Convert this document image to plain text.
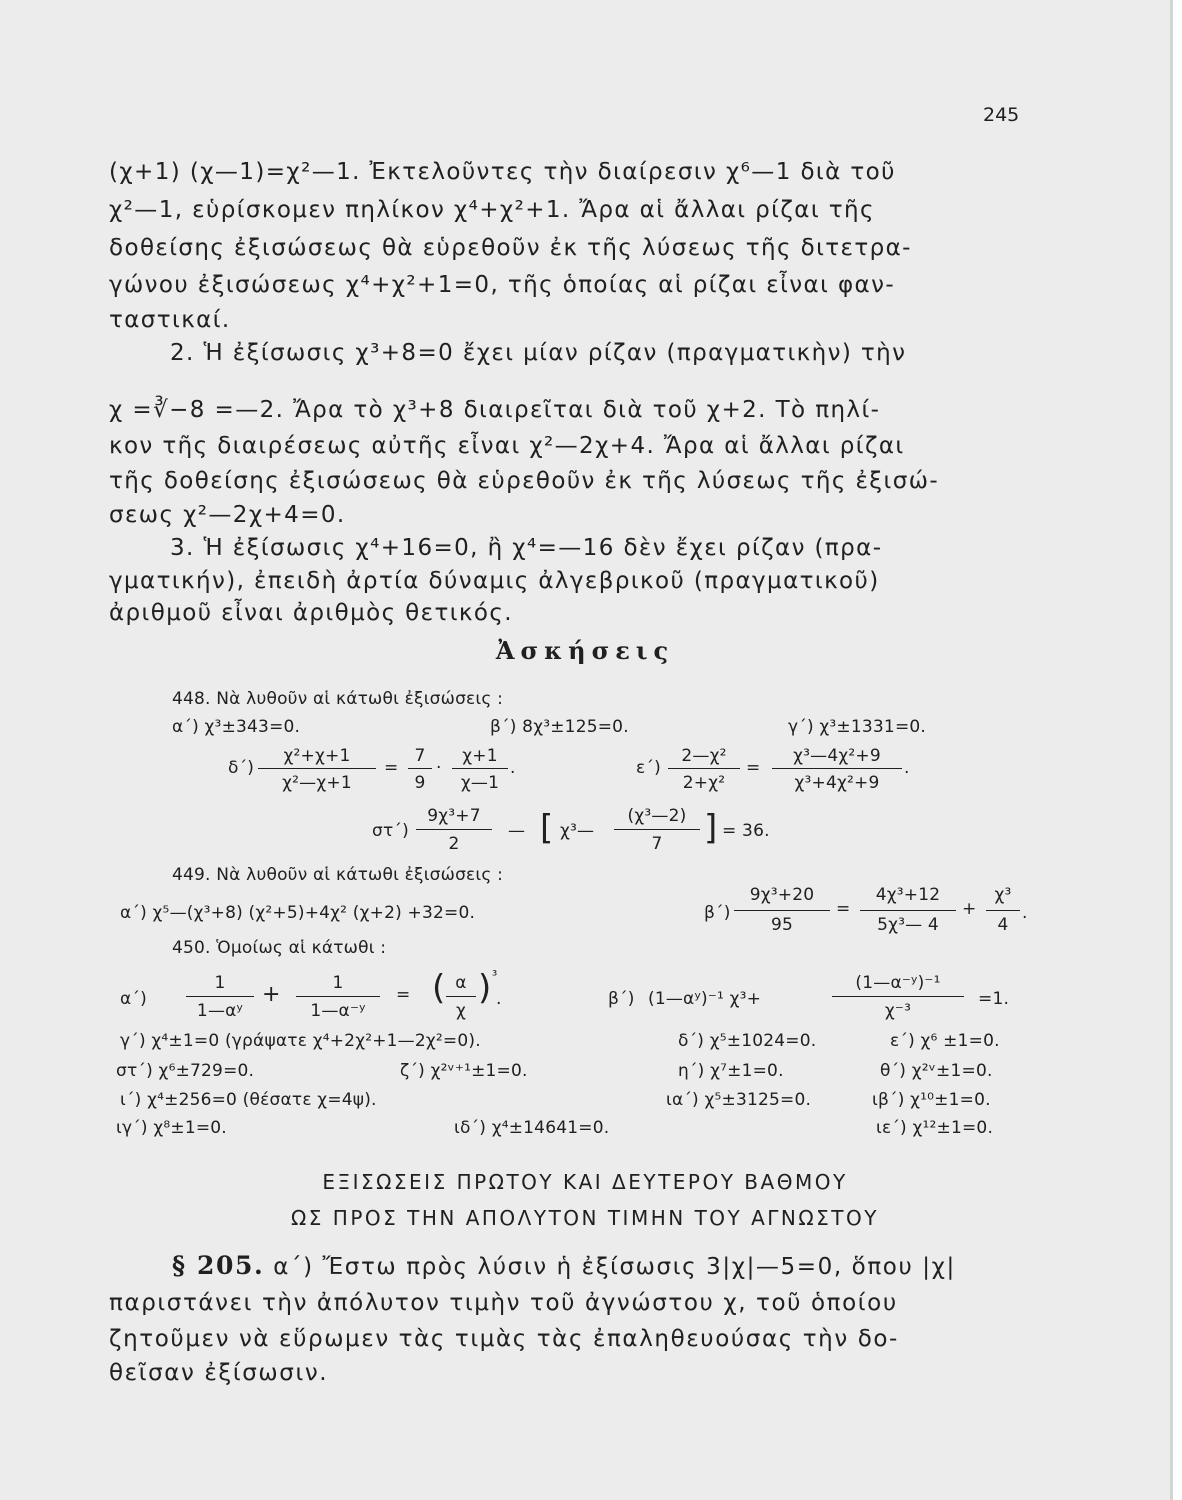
245
(χ+1) (χ—1)=χ²—1. Ἐκτελοῦντες τὴν διαίρεσιν χ⁶—1 διὰ τοῦ
χ²—1, εὑρίσκομεν πηλίκον χ⁴+χ²+1. Ἄρα αἱ ἄλλαι ρίζαι τῆς
δοθείσης ἐξισώσεως θὰ εὑρεθοῦν ἐκ τῆς λύσεως τῆς διτετρα-
γώνου ἐξισώσεως χ⁴+χ²+1=0, τῆς ὁποίας αἱ ρίζαι εἶναι φαν-
ταστικαί.
2. Ἡ ἐξίσωσις χ³+8=0 ἔχει μίαν ρίζαν (πραγματικὴν) τὴν
χ =∛−8 =—2. Ἄρα τὸ χ³+8 διαιρεῖται διὰ τοῦ χ+2. Τὸ πηλί-
κον τῆς διαιρέσεως αὐτῆς εἶναι χ²—2χ+4. Ἄρα αἱ ἄλλαι ρίζαι
τῆς δοθείσης ἐξισώσεως θὰ εὑρεθοῦν ἐκ τῆς λύσεως τῆς ἐξισώ-
σεως χ²—2χ+4=0.
3. Ἡ ἐξίσωσις χ⁴+16=0, ἢ χ⁴=—16 δὲν ἔχει ρίζαν (πρα-
γματικήν), ἐπειδὴ ἀρτία δύναμις ἀλγεβρικοῦ (πραγματικοῦ)
ἀριθμοῦ εἶναι ἀριθμὸς θετικός.
Ἀσκήσεις
448. Νὰ λυθοῦν αἱ κάτωθι ἐξισώσεις :
α΄) χ³±343=0.	β΄) 8χ³±125=0.	γ΄) χ³±1331=0.
δ΄)
χ²+χ+1
χ²—χ+1
=
7
9
·
χ+1
χ—1
.	ε΄)
2—χ²
2+χ²
=
χ³—4χ²+9
χ³+4χ²+9
.
στ΄)
9χ³+7
2
— [ χ³—
(χ³—2)
7	] = 36.
449. Νὰ λυθοῦν αἱ κάτωθι ἐξισώσεις :
α΄) χ⁵—(χ³+8) (χ²+5)+4χ² (χ+2) +32=0.	β΄)
9χ³+20
95
=
4χ³+12
5χ³— 4
+
χ³
4
.
450. Ὁμοίως αἱ κάτωθι :
α΄)
1
1—αʸ
+	1
1—α⁻ʸ
= ( α
χ
) ³
.	β΄) (1—αʸ)⁻¹ χ³+
(1—α⁻ʸ)⁻¹
χ⁻³
=1.
γ΄) χ⁴±1=0 (γράψατε χ⁴+2χ²+1—2χ²=0).	δ΄) χ⁵±1024=0.	ε΄) χ⁶ ±1=0.
στ΄) χ⁶±729=0.	ζ΄) χ²ᵛ⁺¹±1=0.	η΄) χ⁷±1=0.	θ΄) χ²ᵛ±1=0.
ι΄) χ⁴±256=0 (θέσατε χ=4ψ).	ια΄) χ⁵±3125=0.	ιβ΄) χ¹⁰±1=0.
ιγ΄) χ⁸±1=0.	ιδ΄) χ⁴±14641=0.	ιε΄) χ¹²±1=0.
ΕΞΙΣΩΣΕΙΣ ΠΡΩΤΟΥ ΚΑΙ ΔΕΥΤΕΡΟΥ ΒΑΘΜΟΥ
ΩΣ ΠΡΟΣ ΤΗΝ ΑΠΟΛΥΤΟΝ ΤΙΜΗΝ ΤΟΥ ΑΓΝΩΣΤΟΥ
§ 205. α΄) Ἔστω πρὸς λύσιν ἡ ἐξίσωσις 3|χ|—5=0, ὅπου |χ|
παριστάνει τὴν ἀπόλυτον τιμὴν τοῦ ἀγνώστου χ, τοῦ ὁποίου
ζητοῦμεν νὰ εὕρωμεν τὰς τιμὰς τὰς ἐπαληθευούσας τὴν δο-
θεῖσαν ἐξίσωσιν.
